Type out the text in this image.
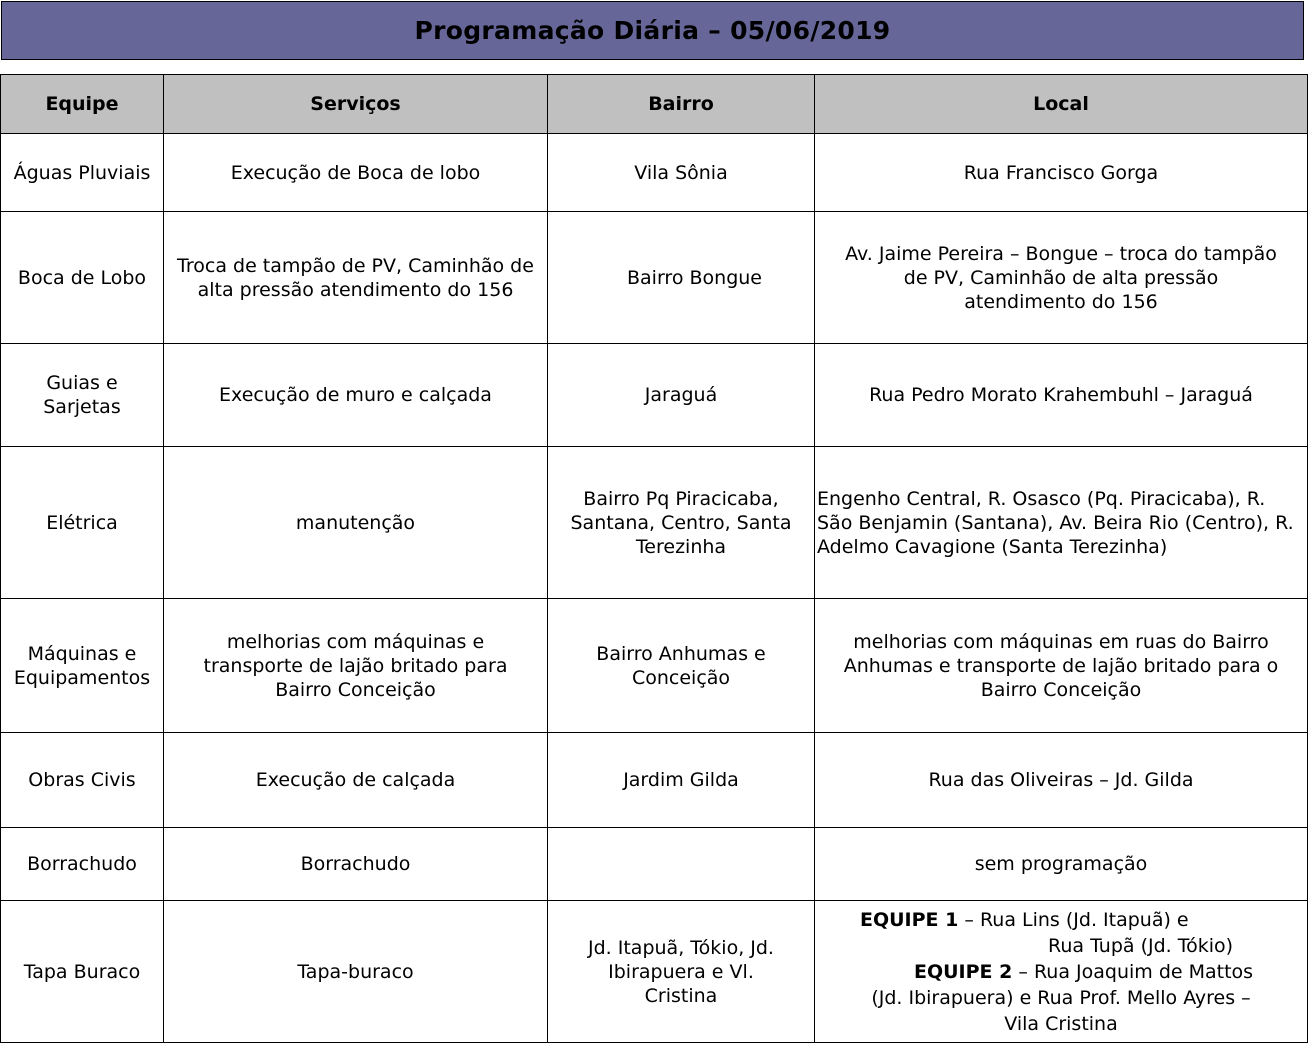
Programação Diária – 05/06/2019
Equipe	Serviços	Bairro	Local
Águas Pluviais	Execução de Boca de lobo	Vila Sônia	Rua Francisco Gorga
Boca de Lobo	Troca de tampão de PV, Caminhão de alta pressão atendimento do 156	Bairro Bongue	Av. Jaime Pereira – Bongue – troca do tampão de PV, Caminhão de alta pressão atendimento do 156
Guias e Sarjetas	Execução de muro e calçada	Jaraguá	Rua Pedro Morato Krahembuhl – Jaraguá
Elétrica	manutenção	Bairro Pq Piracicaba, Santana, Centro, Santa Terezinha	Engenho Central, R. Osasco (Pq. Piracicaba), R. São Benjamin (Santana), Av. Beira Rio (Centro), R. Adelmo Cavagione (Santa Terezinha)
Máquinas e Equipamentos	melhorias com máquinas e transporte de lajão britado para Bairro Conceição	Bairro Anhumas e Conceição	melhorias com máquinas em ruas do Bairro Anhumas e transporte de lajão britado para o Bairro Conceição
Obras Civis	Execução de calçada	Jardim Gilda	Rua das Oliveiras – Jd. Gilda
Borrachudo	Borrachudo		sem programação
Tapa Buraco	Tapa-buraco	Jd. Itapuã, Tókio, Jd. Ibirapuera e Vl. Cristina	EQUIPE 1 – Rua Lins (Jd. Itapuã) e
Rua Tupã (Jd. Tókio)
EQUIPE 2 – Rua Joaquim de Mattos
(Jd. Ibirapuera) e Rua Prof. Mello Ayres –
Vila Cristina
